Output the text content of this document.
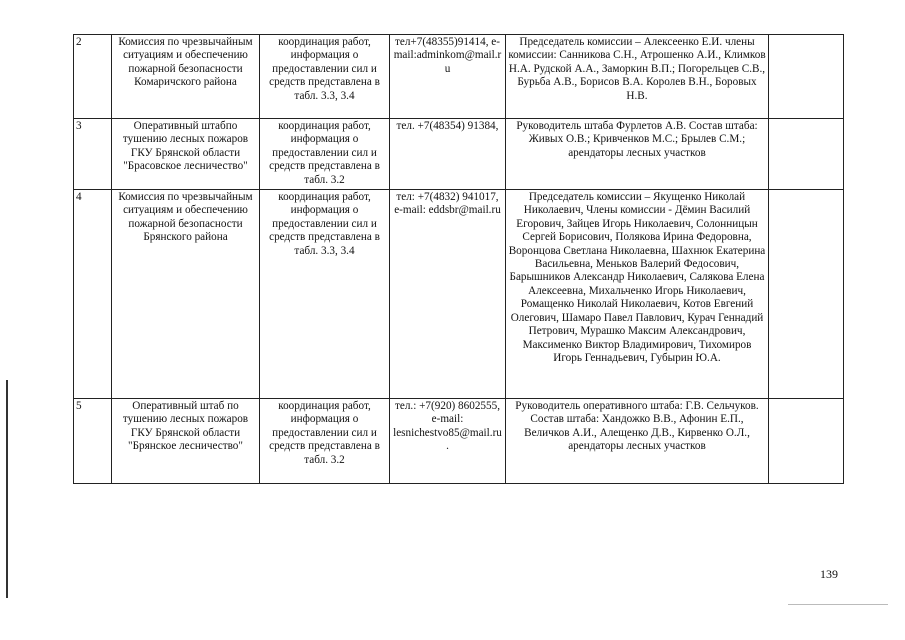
2	Комиссия по чрезвычайным ситуациям и обеспечению пожарной безопасности Комаричского района	координация работ, информация о предоставлении сил и средств представлена в табл. 3.3, 3.4	тел+7(48355)91414, e-mail:adminkom@mail.ru	Председатель комиссии – Алексеенко Е.И. члены комиссии: Санникова С.Н., Атрошенко А.И., Климков Н.А. Рудской А.А., Заморкин В.П.; Погорельцев С.В., Бурьба А.В., Борисов В.А. Королев В.Н., Боровых Н.В.	
3	Оперативный штабпо тушению лесных пожаров ГКУ Брянской области "Брасовское лесничество"	координация работ, информация о предоставлении сил и средств представлена в табл. 3.2	тел. +7(48354) 91384,	Руководитель штаба Фурлетов А.В. Состав штаба: Живых О.В.; Кривченков М.С.; Брылев С.М.; арендаторы лесных участков	
4	Комиссия по чрезвычайным ситуациям и обеспечению пожарной безопасности Брянского района	координация работ, информация о предоставлении сил и средств представлена в табл. 3.3, 3.4	тел: +7(4832) 941017, e-mail: eddsbr@mail.ru	Председатель комиссии – Якущенко Николай Николаевич, Члены комиссии - Дёмин Василий Егорович, Зайцев Игорь Николаевич, Солонницын Сергей Борисович, Полякова Ирина Федоровна, Воронцова Светлана Николаевна, Шахнюк Екатерина Васильевна, Меньков Валерий Федосович, Барышников Александр Николаевич, Салякова Елена Алексеевна, Михальченко Игорь Николаевич, Ромащенко Николай Николаевич, Котов Евгений Олегович, Шамаро Павел Павлович, Курач Геннадий Петрович, Мурашко Максим Александрович, Максименко Виктор Владимирович, Тихомиров Игорь Геннадьевич, Губырин Ю.А.	
5	Оперативный штаб по тушению лесных пожаров ГКУ Брянской области "Брянское лесничество"	координация работ, информация о предоставлении сил и средств представлена в табл. 3.2	тел.: +7(920) 8602555, e-mail: lesnichestvo85@mail.ru.	Руководитель оперативного штаба: Г.В. Сельчуков. Состав штаба: Хандожко В.В., Афонин Е.П., Величков А.И., Алещенко Д.В., Кирвенко О.Л., арендаторы лесных участков	
139
